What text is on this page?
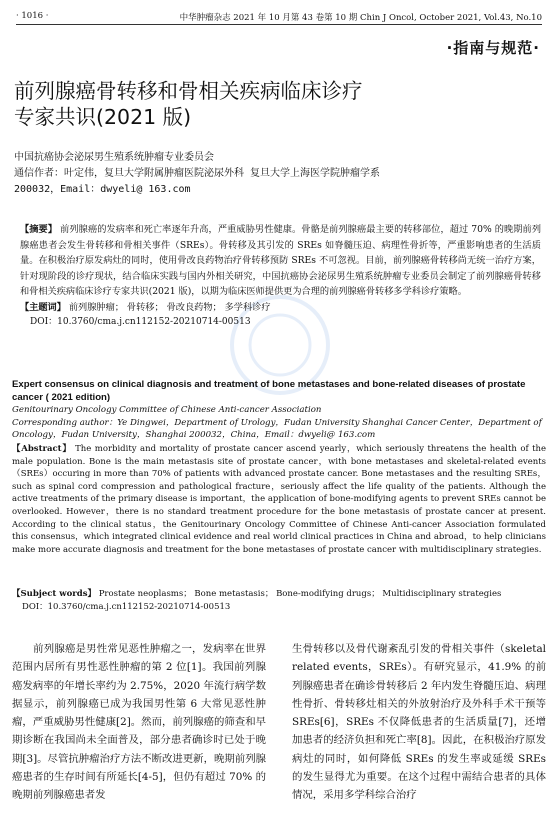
· 1016 ·	中华肿瘤杂志 2021 年 10 月第 43 卷第 10 期 Chin J Oncol, October 2021, Vol.43, No.10
·指南与规范·
前列腺癌骨转移和骨相关疾病临床诊疗
专家共识(2021 版)
中国抗癌协会泌尿男生殖系统肿瘤专业委员会
通信作者：叶定伟，复旦大学附属肿瘤医院泌尿外科 复旦大学上海医学院肿瘤学系
200032，Email：dwyeli@ 163.com
【摘要】 前列腺癌的发病率和死亡率逐年升高，严重威胁男性健康。骨骼是前列腺癌最主要的转移部位，超过 70% 的晚期前列腺癌患者会发生骨转移和骨相关事件（SREs）。骨转移及其引发的 SREs 如脊髓压迫、病理性骨折等，严重影响患者的生活质量。在积极治疗原发病灶的同时，使用骨改良药物治疗骨转移预防 SREs 不可忽视。目前，前列腺癌骨转移尚无统一治疗方案，针对现阶段的诊疗现状，结合临床实践与国内外相关研究，中国抗癌协会泌尿男生殖系统肿瘤专业委员会制定了前列腺癌骨转移和骨相关疾病临床诊疗专家共识(2021 版)，以期为临床医师提供更为合理的前列腺癌骨转移多学科诊疗策略。
【主题词】 前列腺肿瘤； 骨转移； 骨改良药物； 多学科诊疗
DOI：10.3760/cma.j.cn112152-20210714-00513
Expert consensus on clinical diagnosis and treatment of bone metastases and bone-related diseases of prostate cancer ( 2021 edition)
Genitourinary Oncology Committee of Chinese Anti-cancer Association
Corresponding author：Ye Dingwei，Department of Urology，Fudan University Shanghai Cancer Center，Department of Oncology，Fudan University，Shanghai 200032，China，Email：dwyeli@ 163.com
【Abstract】 The morbidity and mortality of prostate cancer ascend yearly，which seriously threatens the health of the male population. Bone is the main metastasis site of prostate cancer，with bone metastases and skeletal-related events（SREs）occuring in more than 70% of patients with advanced prostate cancer. Bone metastases and the resulting SREs，such as spinal cord compression and pathological fracture，seriously affect the life quality of the patients. Although the active treatments of the primary disease is important，the application of bone-modifying agents to prevent SREs cannot be overlooked. However，there is no standard treatment procedure for the bone metastasis of prostate cancer at present. According to the clinical status，the Genitourinary Oncology Committee of Chinese Anti-cancer Association formulated this consensus，which integrated clinical evidence and real world clinical practices in China and abroad，to help clinicians make more accurate diagnosis and treatment for the bone metastases of prostate cancer with multidisciplinary strategies.
【Subject words】 Prostate neoplasms； Bone metastasis； Bone-modifying drugs； Multidisciplinary strategies
DOI：10.3760/cma.j.cn112152-20210714-00513
　　前列腺癌是男性常见恶性肿瘤之一，发病率在世界范围内居所有男性恶性肿瘤的第 2 位[1]。我国前列腺癌发病率的年增长率约为 2.75%，2020 年流行病学数据显示，前列腺癌已成为我国男性第 6 大常见恶性肿瘤，严重威胁男性健康[2]。然而，前列腺癌的筛查和早期诊断在我国尚未全面普及，部分患者确诊时已处于晚期[3]。尽管抗肿瘤治疗方法不断改进更新，晚期前列腺癌患者的生存时间有所延长[4-5]，但仍有超过 70% 的晚期前列腺癌患者发
生骨转移以及骨代谢紊乱引发的骨相关事件（skeletal related events，SREs）。有研究显示，41.9% 的前列腺癌患者在确诊骨转移后 2 年内发生脊髓压迫、病理性骨折、骨转移灶相关的外放射治疗及外科手术干预等 SREs[6]，SREs 不仅降低患者的生活质量[7]，还增加患者的经济负担和死亡率[8]。因此，在积极治疗原发病灶的同时，如何降低 SREs 的发生率或延缓 SREs 的发生显得尤为重要。在这个过程中需结合患者的具体情况，采用多学科综合治疗
